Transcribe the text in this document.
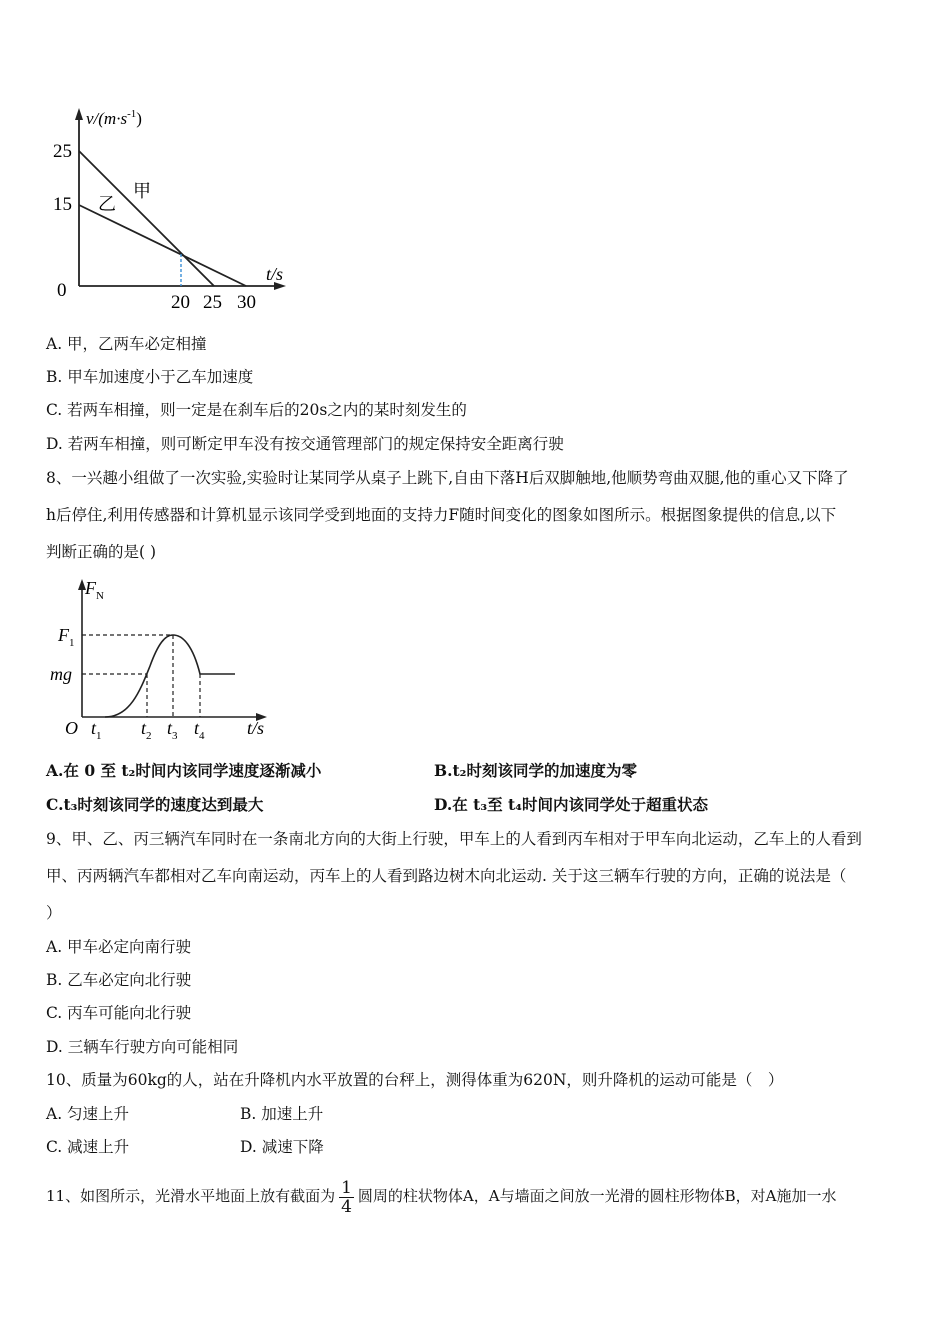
$v/(m\cdot s^{-1})$
25
15
0
20 25 30
t/s
甲
乙
A. 甲，乙两车必定相撞
B. 甲车加速度小于乙车加速度
C. 若两车相撞，则一定是在刹车后的20s之内的某时刻发生的
D. 若两车相撞，则可断定甲车没有按交通管理部门的规定保持安全距离行驶
8、一兴趣小组做了一次实验,实验时让某同学从桌子上跳下,自由下落H后双脚触地,他顺势弯曲双腿,他的重心又下降了
h后停住,利用传感器和计算机显示该同学受到地面的支持力F随时间变化的图象如图所示。根据图象提供的信息,以下
判断正确的是( )
$F_N$
$F_1$
mg
O $t_1$ $t_2$ $t_3$ $t_4$ t/s
A.在 0 至 t₂时间内该同学速度逐渐减小	B.t₂时刻该同学的加速度为零
C.t₃时刻该同学的速度达到最大	D.在 t₃至 t₄时间内该同学处于超重状态
9、甲、乙、丙三辆汽车同时在一条南北方向的大街上行驶，甲车上的人看到丙车相对于甲车向北运动，乙车上的人看到
甲、丙两辆汽车都相对乙车向南运动，丙车上的人看到路边树木向北运动. 关于这三辆车行驶的方向，正确的说法是（
）
A. 甲车必定向南行驶
B. 乙车必定向北行驶
C. 丙车可能向北行驶
D. 三辆车行驶方向可能相同
10、质量为60kg的人，站在升降机内水平放置的台秤上，测得体重为620N，则升降机的运动可能是（　）
A. 匀速上升	B. 加速上升
C. 减速上升	D. 减速下降
11、如图所示，光滑水平地面上放有截面为 $\frac{1}{4}$ 圆周的柱状物体A，A与墙面之间放一光滑的圆柱形物体B，对A施加一水
